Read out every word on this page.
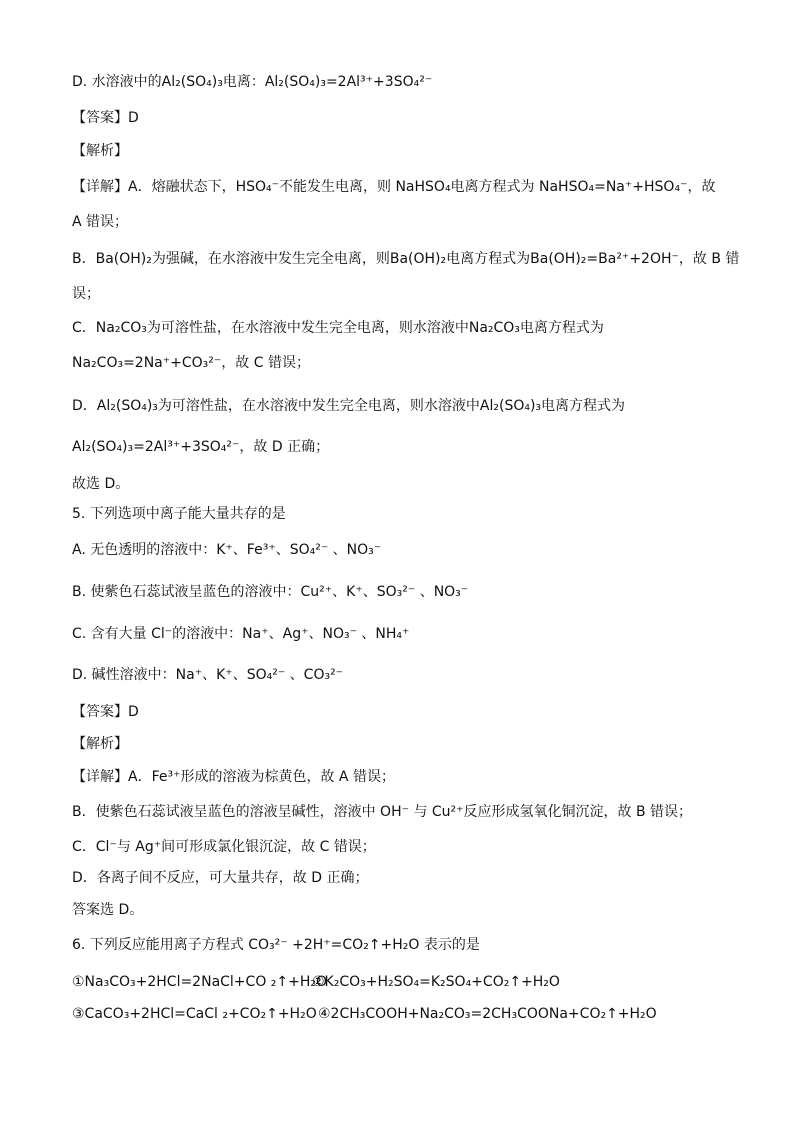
D. 水溶液中的Al₂(SO₄)₃电离：Al₂(SO₄)₃=2Al³⁺+3SO₄²⁻
【答案】D
【解析】
【详解】A．熔融状态下，HSO₄⁻不能发生电离，则 NaHSO₄电离方程式为 NaHSO₄=Na⁺+HSO₄⁻，故
A 错误；
B．Ba(OH)₂为强碱，在水溶液中发生完全电离，则Ba(OH)₂电离方程式为Ba(OH)₂=Ba²⁺+2OH⁻，故 B 错
误；
C．Na₂CO₃为可溶性盐，在水溶液中发生完全电离，则水溶液中Na₂CO₃电离方程式为
Na₂CO₃=2Na⁺+CO₃²⁻，故 C 错误；
D．Al₂(SO₄)₃为可溶性盐，在水溶液中发生完全电离，则水溶液中Al₂(SO₄)₃电离方程式为
Al₂(SO₄)₃=2Al³⁺+3SO₄²⁻，故 D 正确；
故选 D。
5. 下列选项中离子能大量共存的是
A. 无色透明的溶液中：K⁺、Fe³⁺、SO₄²⁻ 、NO₃⁻
B. 使紫色石蕊试液呈蓝色的溶液中：Cu²⁺、K⁺、SO₃²⁻ 、NO₃⁻
C. 含有大量 Cl⁻的溶液中：Na⁺、Ag⁺、NO₃⁻ 、NH₄⁺
D. 碱性溶液中：Na⁺、K⁺、SO₄²⁻ 、CO₃²⁻
【答案】D
【解析】
【详解】A．Fe³⁺形成的溶液为棕黄色，故 A 错误；
B．使紫色石蕊试液呈蓝色的溶液呈碱性，溶液中 OH⁻ 与 Cu²⁺反应形成氢氧化铜沉淀，故 B 错误；
C．Cl⁻与 Ag⁺间可形成氯化银沉淀，故 C 错误；
D．各离子间不反应，可大量共存，故 D 正确；
答案选 D。
6. 下列反应能用离子方程式 CO₃²⁻ +2H⁺=CO₂↑+H₂O 表示的是
①Na₃CO₃+2HCl=2NaCl+CO ₂↑+H₂O
②K₂CO₃+H₂SO₄=K₂SO₄+CO₂↑+H₂O
③CaCO₃+2HCl=CaCl ₂+CO₂↑+H₂O ④2CH₃COOH+Na₂CO₃=2CH₃COONa+CO₂↑+H₂O
